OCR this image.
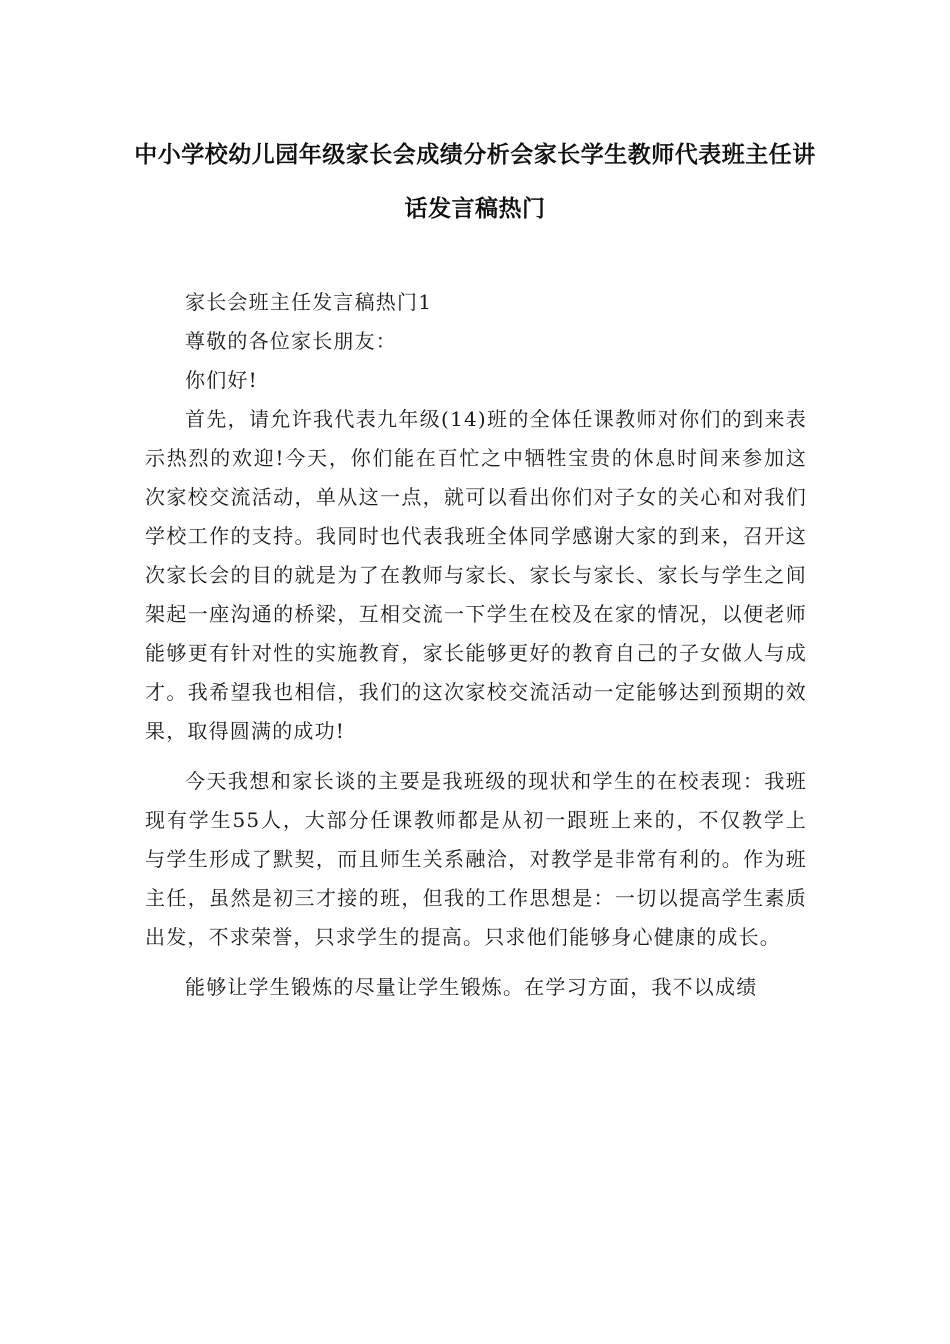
中小学校幼儿园年级家长会成绩分析会家长学生教师代表班主任讲
话发言稿热门

家长会班主任发言稿热门1

尊敬的各位家长朋友：

你们好!

首先，请允许我代表九年级(14)班的全体任课教师对你们的到来表示热烈的欢迎!今天，你们能在百忙之中牺牲宝贵的休息时间来参加这次家校交流活动，单从这一点，就可以看出你们对子女的关心和对我们学校工作的支持。我同时也代表我班全体同学感谢大家的到来，召开这次家长会的目的就是为了在教师与家长、家长与家长、家长与学生之间架起一座沟通的桥梁，互相交流一下学生在校及在家的情况，以便老师能够更有针对性的实施教育，家长能够更好的教育自己的子女做人与成才。我希望我也相信，我们的这次家校交流活动一定能够达到预期的效果，取得圆满的成功!

今天我想和家长谈的主要是我班级的现状和学生的在校表现：我班现有学生55人，大部分任课教师都是从初一跟班上来的，不仅教学上与学生形成了默契，而且师生关系融洽，对教学是非常有利的。作为班主任，虽然是初三才接的班，但我的工作思想是：一切以提高学生素质出发，不求荣誉，只求学生的提高。只求他们能够身心健康的成长。

能够让学生锻炼的尽量让学生锻炼。在学习方面，我不以成绩
